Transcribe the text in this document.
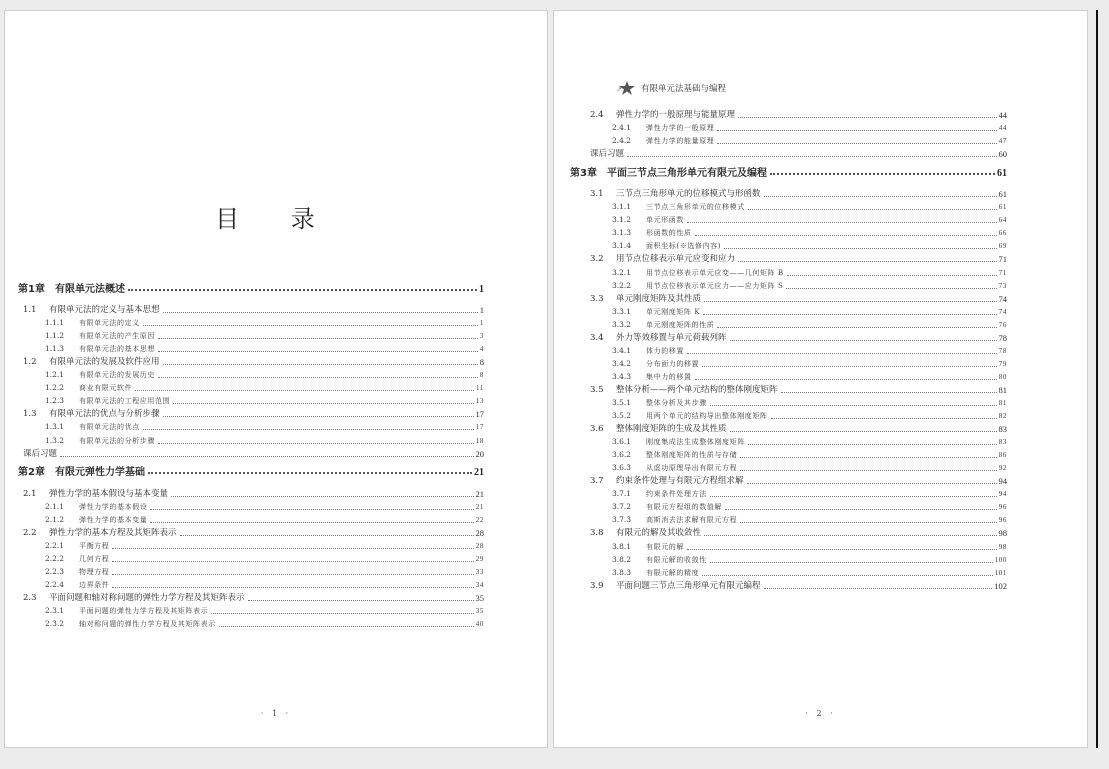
目 录
第1章	有限单元法概述	1
1.1	有限单元法的定义与基本思想	1
1.1.1	有限单元法的定义	1
1.1.2	有限单元法的产生原因	3
1.1.3	有限单元法的基本思想	4
1.2	有限单元法的发展及软件应用	8
1.2.1	有限单元法的发展历史	8
1.2.2	商业有限元软件	11
1.2.3	有限单元法的工程应用范围	13
1.3	有限单元法的优点与分析步骤	17
1.3.1	有限单元法的优点	17
1.3.2	有限单元法的分析步骤	18
课后习题	20
第2章	有限元弹性力学基础	21
2.1	弹性力学的基本假设与基本变量	21
2.1.1	弹性力学的基本假设	21
2.1.2	弹性力学的基本变量	22
2.2	弹性力学的基本方程及其矩阵表示	28
2.2.1	平衡方程	28
2.2.2	几何方程	29
2.2.3	物理方程	33
2.2.4	边界条件	34
2.3	平面问题和轴对称问题的弹性力学方程及其矩阵表示	35
2.3.1	平面问题的弹性力学方程及其矩阵表示	35
2.3.2	轴对称问题的弹性力学方程及其矩阵表示	40
· 1 ·
有限单元法基础与编程
2.4	弹性力学的一般原理与能量原理	44
2.4.1	弹性力学的一般原理	44
2.4.2	弹性力学的能量原理	47
课后习题	60
第3章	平面三节点三角形单元有限元及编程	61
3.1	三节点三角形单元的位移模式与形函数	61
3.1.1	三节点三角形单元的位移模式	61
3.1.2	单元形函数	64
3.1.3	形函数的性质	66
3.1.4	面积坐标(※选修内容)	69
3.2	用节点位移表示单元应变和应力	71
3.2.1	用节点位移表示单元应变——几何矩阵 B	71
3.2.2	用节点位移表示单元应力——应力矩阵 S	73
3.3	单元刚度矩阵及其性质	74
3.3.1	单元刚度矩阵 K	74
3.3.2	单元刚度矩阵的性质	76
3.4	外力等效移置与单元荷载列阵	78
3.4.1	体力的移置	78
3.4.2	分布面力的移置	79
3.4.3	集中力的移置	80
3.5	整体分析——两个单元结构的整体刚度矩阵	81
3.5.1	整体分析及其步骤	81
3.5.2	用两个单元的结构导出整体刚度矩阵	82
3.6	整体刚度矩阵的生成及其性质	83
3.6.1	刚度集成法生成整体刚度矩阵	83
3.6.2	整体刚度矩阵的性质与存储	86
3.6.3	从虚功原理导出有限元方程	92
3.7	约束条件处理与有限元方程组求解	94
3.7.1	约束条件处理方法	94
3.7.2	有限元方程组的数值解	96
3.7.3	高斯消去法求解有限元方程	96
3.8	有限元的解及其收敛性	98
3.8.1	有限元的解	98
3.8.2	有限元解的收敛性	100
3.8.3	有限元解的精度	101
3.9	平面问题三节点三角形单元有限元编程	102
· 2 ·
